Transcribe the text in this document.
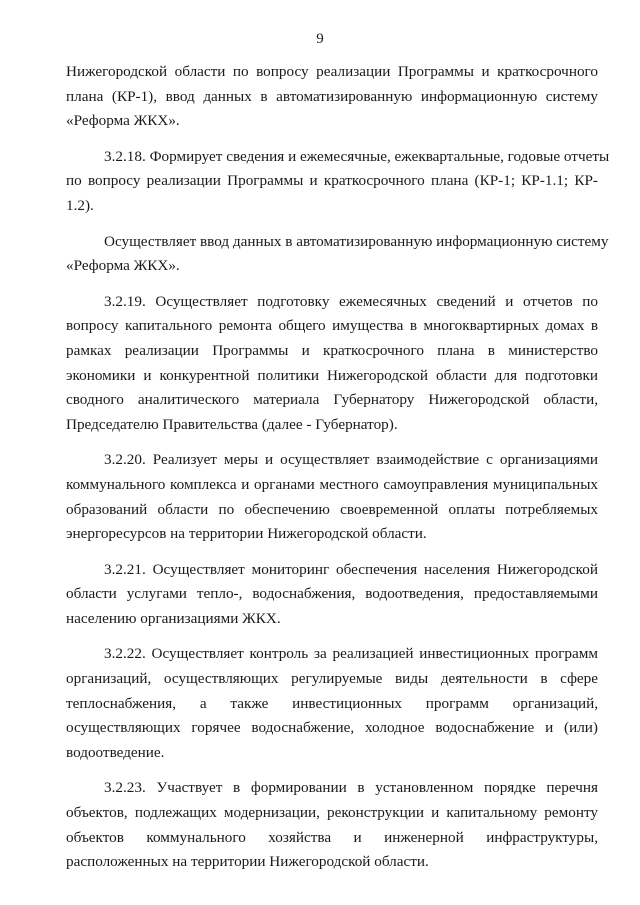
9

Нижегородской области по вопросу реализации Программы и краткосрочного
плана (КР-1), ввод данных в автоматизированную информационную систему
«Реформа ЖКХ».

3.2.18. Формирует сведения и ежемесячные, ежеквартальные, годовые отчеты
по вопросу реализации Программы и краткосрочного плана (КР-1; КР-1.1; КР-
1.2).

Осуществляет ввод данных в автоматизированную информационную систему
«Реформа ЖКХ».

3.2.19. Осуществляет подготовку ежемесячных сведений и отчетов по
вопросу капитального ремонта общего имущества в многоквартирных домах в
рамках реализации Программы и краткосрочного плана в министерство
экономики и конкурентной политики Нижегородской области для подготовки
сводного аналитического материала Губернатору Нижегородской области,
Председателю Правительства (далее - Губернатор).

3.2.20. Реализует меры и осуществляет взаимодействие с организациями
коммунального комплекса и органами местного самоуправления муниципальных
образований области по обеспечению своевременной оплаты потребляемых
энергоресурсов на территории Нижегородской области.

3.2.21. Осуществляет мониторинг обеспечения населения Нижегородской
области услугами тепло-, водоснабжения, водоотведения, предоставляемыми
населению организациями ЖКХ.

3.2.22. Осуществляет контроль за реализацией инвестиционных программ
организаций, осуществляющих регулируемые виды деятельности в сфере
теплоснабжения, а также инвестиционных программ организаций,
осуществляющих горячее водоснабжение, холодное водоснабжение и (или)
водоотведение.

3.2.23. Участвует в формировании в установленном порядке перечня
объектов, подлежащих модернизации, реконструкции и капитальному ремонту
объектов коммунального хозяйства и инженерной инфраструктуры,
расположенных на территории Нижегородской области.
